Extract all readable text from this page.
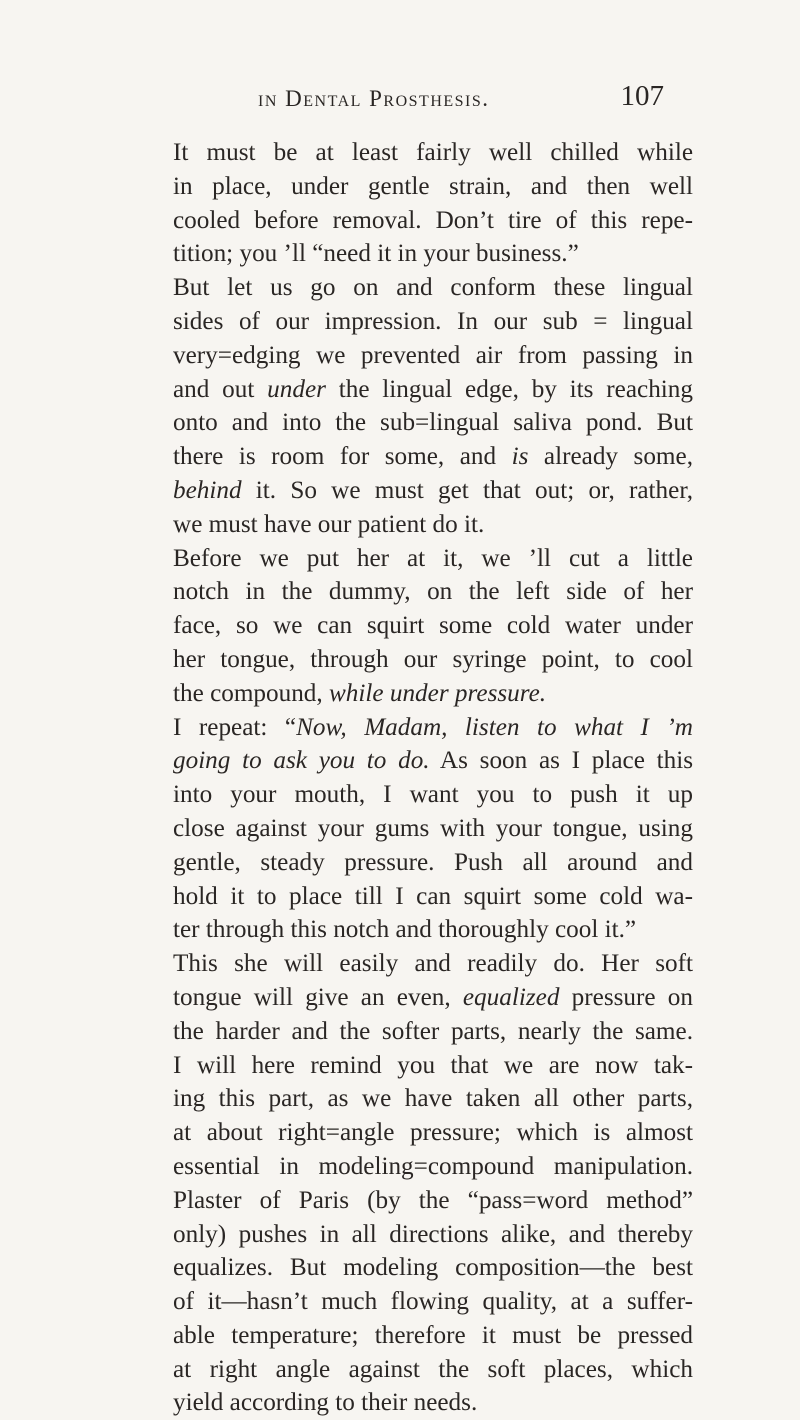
in Dental Prosthesis.	107
It must be at least fairly well chilled while
in place, under gentle strain, and then well
cooled before removal. Don’t tire of this repe-
tition; you ’ll “need it in your business.”
But let us go on and conform these lingual
sides of our impression. In our sub = lingual
very=edging we prevented air from passing in
and out under the lingual edge, by its reaching
onto and into the sub=lingual saliva pond. But
there is room for some, and is already some,
behind it. So we must get that out; or, rather,
we must have our patient do it.
Before we put her at it, we ’ll cut a little
notch in the dummy, on the left side of her
face, so we can squirt some cold water under
her tongue, through our syringe point, to cool
the compound, while under pressure.
I repeat: “Now, Madam, listen to what I ’m
going to ask you to do. As soon as I place this
into your mouth, I want you to push it up
close against your gums with your tongue, using
gentle, steady pressure. Push all around and
hold it to place till I can squirt some cold wa-
ter through this notch and thoroughly cool it.”
This she will easily and readily do. Her soft
tongue will give an even, equalized pressure on
the harder and the softer parts, nearly the same.
I will here remind you that we are now tak-
ing this part, as we have taken all other parts,
at about right=angle pressure; which is almost
essential in modeling=compound manipulation.
Plaster of Paris (by the “pass=word method”
only) pushes in all directions alike, and thereby
equalizes. But modeling composition—the best
of it—hasn’t much flowing quality, at a suffer-
able temperature; therefore it must be pressed
at right angle against the soft places, which
yield according to their needs.
